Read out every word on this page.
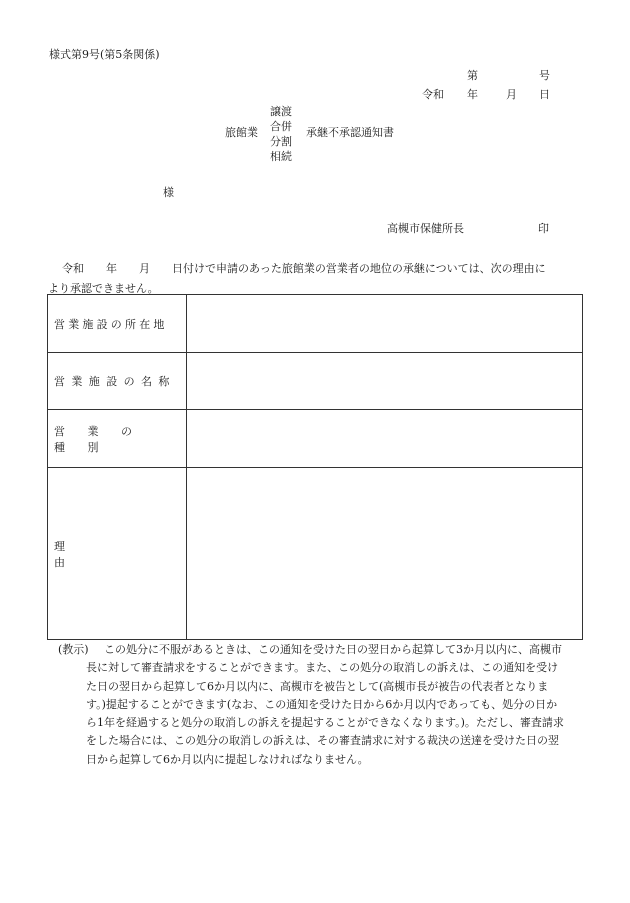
様式第9号(第5条関係)
第	号
令和 年	月 日
旅館業
譲渡
合併
分割
相続
承継不承認通知書
様
高槻市保健所長	印
令和　　年　　月　　日付けで申請のあった旅館業の営業者の地位の承継については、次の理由に
より承認できません。
営業施設の所在地	
営業施設の名称	
営業の種別	
理由	
(教示)	この処分に不服があるときは、この通知を受けた日の翌日から起算して3か月以内に、高槻市長に対して審査請求をすることができます。また、この処分の取消しの訴えは、この通知を受けた日の翌日から起算して6か月以内に、高槻市を被告として(高槻市長が被告の代表者となります。)提起することができます(なお、この通知を受けた日から6か月以内であっても、処分の日から1年を経過すると処分の取消しの訴えを提起することができなくなります。)。ただし、審査請求をした場合には、この処分の取消しの訴えは、その審査請求に対する裁決の送達を受けた日の翌日から起算して6か月以内に提起しなければなりません。
